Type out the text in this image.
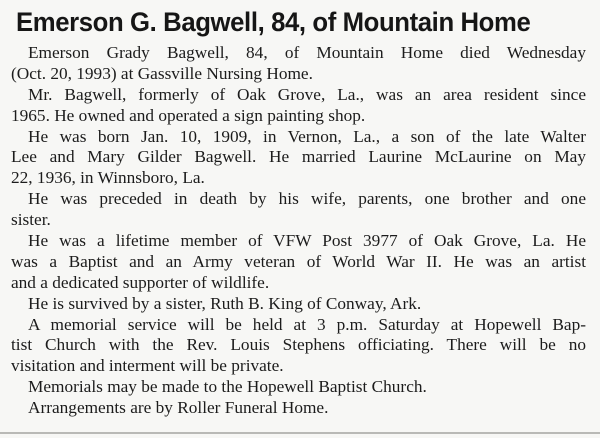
Emerson G. Bagwell, 84, of Mountain Home
Emerson Grady Bagwell, 84, of Mountain Home died Wednesday
(Oct. 20, 1993) at Gassville Nursing Home.
Mr. Bagwell, formerly of Oak Grove, La., was an area resident since
1965. He owned and operated a sign painting shop.
He was born Jan. 10, 1909, in Vernon, La., a son of the late Walter
Lee and Mary Gilder Bagwell. He married Laurine McLaurine on May
22, 1936, in Winnsboro, La.
He was preceded in death by his wife, parents, one brother and one
sister.
He was a lifetime member of VFW Post 3977 of Oak Grove, La. He
was a Baptist and an Army veteran of World War II. He was an artist
and a dedicated supporter of wildlife.
He is survived by a sister, Ruth B. King of Conway, Ark.
A memorial service will be held at 3 p.m. Saturday at Hopewell Bap-
tist Church with the Rev. Louis Stephens officiating. There will be no
visitation and interment will be private.
Memorials may be made to the Hopewell Baptist Church.
Arrangements are by Roller Funeral Home.
